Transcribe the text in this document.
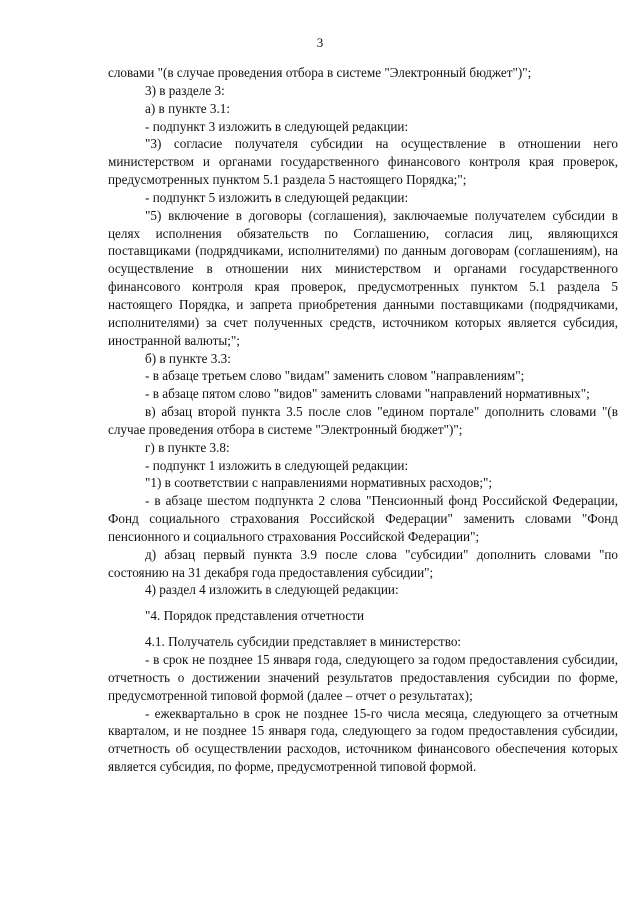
3

словами "(в случае проведения отбора в системе "Электронный бюджет")";

3) в разделе 3:

а) в пункте 3.1:

- подпункт 3 изложить в следующей редакции:

"3) согласие получателя субсидии на осуществление в отношении него министерством и органами государственного финансового контроля края проверок, предусмотренных пунктом 5.1 раздела 5 настоящего Порядка;";

- подпункт 5 изложить в следующей редакции:

"5) включение в договоры (соглашения), заключаемые получателем субсидии в целях исполнения обязательств по Соглашению, согласия лиц, являющихся поставщиками (подрядчиками, исполнителями) по данным договорам (соглашениям), на осуществление в отношении них министерством и органами государственного финансового контроля края проверок, предусмотренных пунктом 5.1 раздела 5 настоящего Порядка, и запрета приобретения данными поставщиками (подрядчиками, исполнителями) за счет полученных средств, источником которых является субсидия, иностранной валюты;";

б) в пункте 3.3:

- в абзаце третьем слово "видам" заменить словом "направлениям";

- в абзаце пятом слово "видов" заменить словами "направлений нормативных";

в) абзац второй пункта 3.5 после слов "едином портале" дополнить словами "(в случае проведения отбора в системе "Электронный бюджет")";

г) в пункте 3.8:

- подпункт 1 изложить в следующей редакции:

"1) в соответствии с направлениями нормативных расходов;";

- в абзаце шестом подпункта 2 слова "Пенсионный фонд Российской Федерации, Фонд социального страхования Российской Федерации" заменить словами "Фонд пенсионного и социального страхования Российской Федерации";

д) абзац первый пункта 3.9 после слова "субсидии" дополнить словами "по состоянию на 31 декабря года предоставления субсидии";

4) раздел 4 изложить в следующей редакции:

"4. Порядок представления отчетности

4.1. Получатель субсидии представляет в министерство:

- в срок не позднее 15 января года, следующего за годом предоставления субсидии, отчетность о достижении значений результатов предоставления субсидии по форме, предусмотренной типовой формой (далее – отчет о результатах);

- ежеквартально в срок не позднее 15-го числа месяца, следующего за отчетным кварталом, и не позднее 15 января года, следующего за годом предоставления субсидии, отчетность об осуществлении расходов, источником финансового обеспечения которых является субсидия, по форме, предусмотренной типовой формой.
